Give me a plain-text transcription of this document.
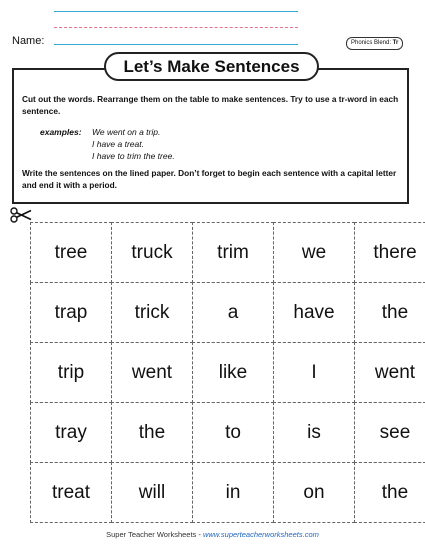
Name:	Phonics Blend: Tr
Let’s Make Sentences
Cut out the words. Rearrange them on the table to make sentences. Try to use a tr-word in each sentence.
examples: We went on a trip.
I have a treat.
I have to trim the tree.
Write the sentences on the lined paper. Don’t forget to begin each sentence with a capital letter and end it with a period.
tree	truck	trim	we	there
trap	trick	a	have	the
trip	went	like	I	went
tray	the	to	is	see
treat	will	in	on	the
Super Teacher Worksheets - www.superteacherworksheets.com
